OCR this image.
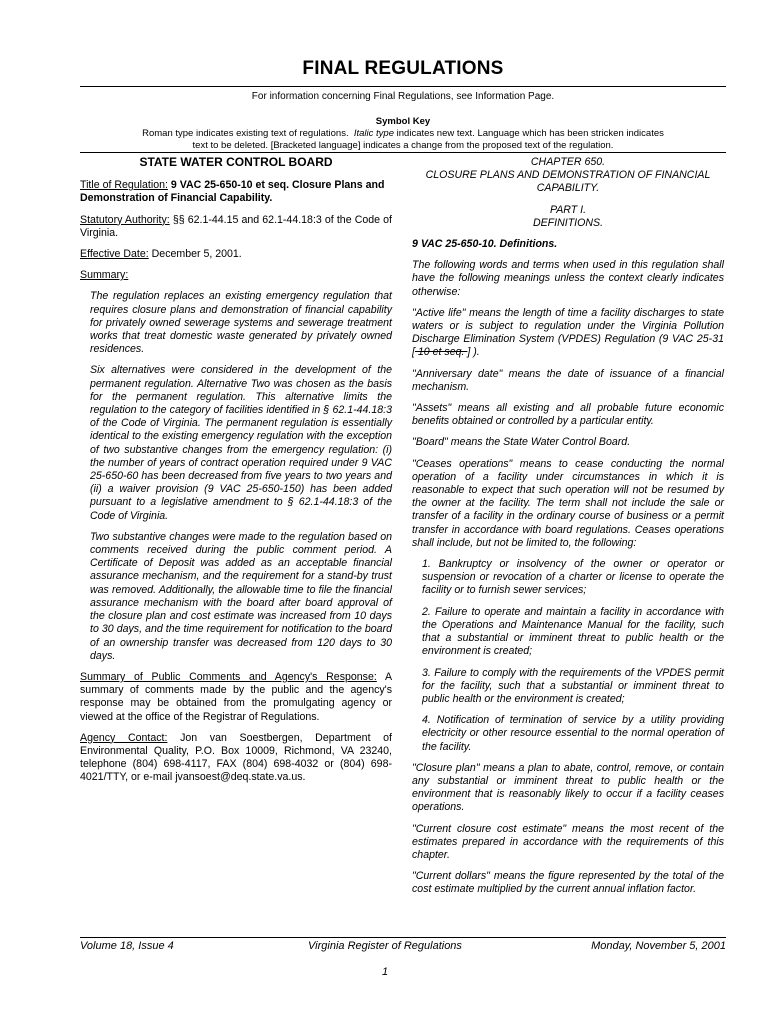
FINAL REGULATIONS
For information concerning Final Regulations, see Information Page.
Symbol Key
Roman type indicates existing text of regulations. Italic type indicates new text. Language which has been stricken indicates
text to be deleted. [Bracketed language] indicates a change from the proposed text of the regulation.
STATE WATER CONTROL BOARD

Title of Regulation: 9 VAC 25-650-10 et seq. Closure Plans and Demonstration of Financial Capability.

Statutory Authority: §§ 62.1-44.15 and 62.1-44.18:3 of the Code of Virginia.

Effective Date: December 5, 2001.

Summary:

The regulation replaces an existing emergency regulation that requires closure plans and demonstration of financial capability for privately owned sewerage systems and sewerage treatment works that treat domestic waste generated by privately owned residences.

Six alternatives were considered in the development of the permanent regulation. Alternative Two was chosen as the basis for the permanent regulation. This alternative limits the regulation to the category of facilities identified in § 62.1-44.18:3 of the Code of Virginia. The permanent regulation is essentially identical to the existing emergency regulation with the exception of two substantive changes from the emergency regulation: (i) the number of years of contract operation required under 9 VAC 25-650-60 has been decreased from five years to two years and (ii) a waiver provision (9 VAC 25-650-150) has been added pursuant to a legislative amendment to § 62.1-44.18:3 of the Code of Virginia.

Two substantive changes were made to the regulation based on comments received during the public comment period. A Certificate of Deposit was added as an acceptable financial assurance mechanism, and the requirement for a stand-by trust was removed. Additionally, the allowable time to file the financial assurance mechanism with the board after board approval of the closure plan and cost estimate was increased from 10 days to 30 days, and the time requirement for notification to the board of an ownership transfer was decreased from 120 days to 30 days.

Summary of Public Comments and Agency's Response: A summary of comments made by the public and the agency's response may be obtained from the promulgating agency or viewed at the office of the Registrar of Regulations.

Agency Contact: Jon van Soestbergen, Department of Environmental Quality, P.O. Box 10009, Richmond, VA 23240, telephone (804) 698-4117, FAX (804) 698-4032 or (804) 698-4021/TTY, or e-mail jvansoest@deq.state.va.us.

CHAPTER 650.

CLOSURE PLANS AND DEMONSTRATION OF FINANCIAL CAPABILITY.

PART I.

DEFINITIONS.

9 VAC 25-650-10. Definitions.

The following words and terms when used in this regulation shall have the following meanings unless the context clearly indicates otherwise:

"Active life" means the length of time a facility discharges to state waters or is subject to regulation under the Virginia Pollution Discharge Elimination System (VPDES) Regulation (9 VAC 25-31 [ 10 et seq. ] ).

"Anniversary date" means the date of issuance of a financial mechanism.

"Assets" means all existing and all probable future economic benefits obtained or controlled by a particular entity.

"Board" means the State Water Control Board.

"Ceases operations" means to cease conducting the normal operation of a facility under circumstances in which it is reasonable to expect that such operation will not be resumed by the owner at the facility. The term shall not include the sale or transfer of a facility in the ordinary course of business or a permit transfer in accordance with board regulations. Ceases operations shall include, but not be limited to, the following:

1. Bankruptcy or insolvency of the owner or operator or suspension or revocation of a charter or license to operate the facility or to furnish sewer services;

2. Failure to operate and maintain a facility in accordance with the Operations and Maintenance Manual for the facility, such that a substantial or imminent threat to public health or the environment is created;

3. Failure to comply with the requirements of the VPDES permit for the facility, such that a substantial or imminent threat to public health or the environment is created;

4. Notification of termination of service by a utility providing electricity or other resource essential to the normal operation of the facility.

"Closure plan" means a plan to abate, control, remove, or contain any substantial or imminent threat to public health or the environment that is reasonably likely to occur if a facility ceases operations.

"Current closure cost estimate" means the most recent of the estimates prepared in accordance with the requirements of this chapter.

"Current dollars" means the figure represented by the total of the cost estimate multiplied by the current annual inflation factor.

Volume 18, Issue 4	Virginia Register of Regulations	Monday, November 5, 2001
1
